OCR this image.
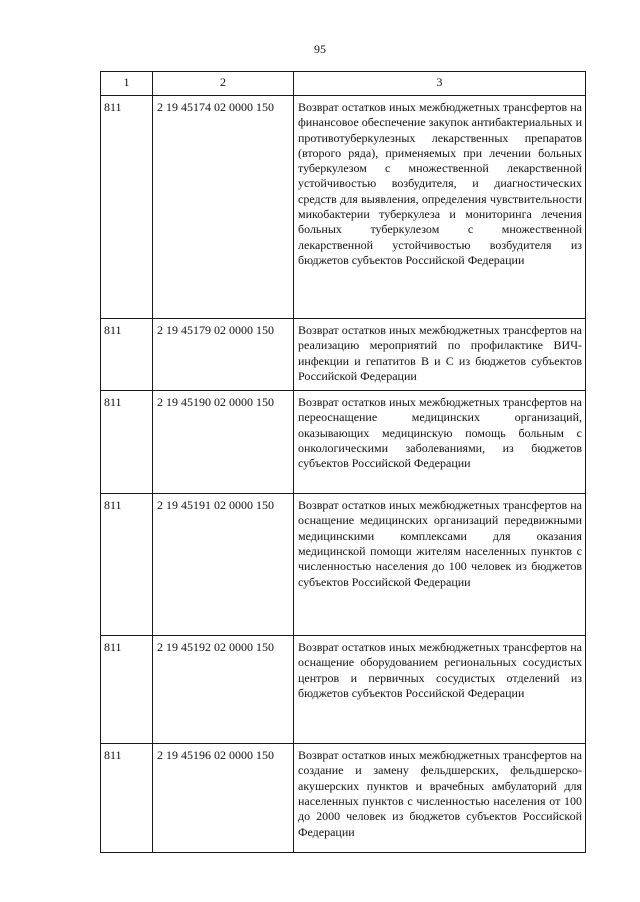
95
1	2	3
811	2 19 45174 02 0000 150	Возврат остатков иных межбюджетных трансфертов на финансовое обеспечение закупок антибактериальных и противотуберкулезных лекарственных препаратов (второго ряда), применяемых при лечении больных туберкулезом с множественной лекарственной устойчивостью возбудителя, и диагностических средств для выявления, определения чувствительности микобактерии туберкулеза и мониторинга лечения больных туберкулезом с множественной лекарственной устойчивостью возбудителя из бюджетов субъектов Российской Федерации
811	2 19 45179 02 0000 150	Возврат остатков иных межбюджетных трансфертов на реализацию мероприятий по профилактике ВИЧ-инфекции и гепатитов В и С из бюджетов субъектов Российской Федерации
811	2 19 45190 02 0000 150	Возврат остатков иных межбюджетных трансфертов на переоснащение медицинских организаций, оказывающих медицинскую помощь больным с онкологическими заболеваниями, из бюджетов субъектов Российской Федерации
811	2 19 45191 02 0000 150	Возврат остатков иных межбюджетных трансфертов на оснащение медицинских организаций передвижными медицинскими комплексами для оказания медицинской помощи жителям населенных пунктов с численностью населения до 100 человек из бюджетов субъектов Российской Федерации
811	2 19 45192 02 0000 150	Возврат остатков иных межбюджетных трансфертов на оснащение оборудованием региональных сосудистых центров и первичных сосудистых отделений из бюджетов субъектов Российской Федерации
811	2 19 45196 02 0000 150	Возврат остатков иных межбюджетных трансфертов на создание и замену фельдшерских, фельдшерско-акушерских пунктов и врачебных амбулаторий для населенных пунктов с численностью населения от 100 до 2000 человек из бюджетов субъектов Российской Федерации
